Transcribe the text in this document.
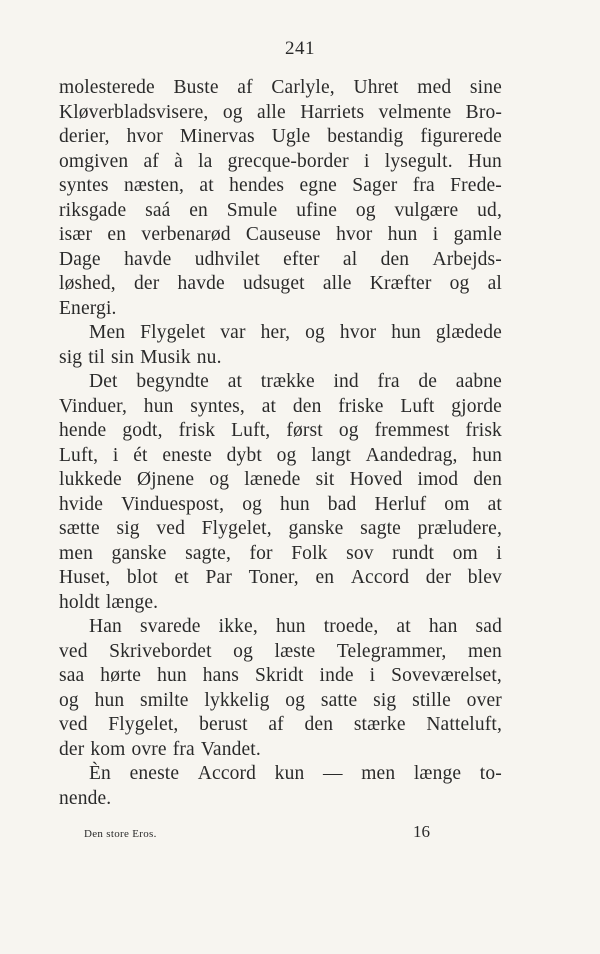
241
molesterede Buste af Carlyle, Uhret med sine
Kløverbladsvisere, og alle Harriets velmente Bro-
derier, hvor Minervas Ugle bestandig figurerede
omgiven af à la grecque-border i lysegult. Hun
syntes næsten, at hendes egne Sager fra Frede-
riksgade saá en Smule ufine og vulgære ud,
især en verbenarød Causeuse hvor hun i gamle
Dage havde udhvilet efter al den Arbejds-
løshed, der havde udsuget alle Kræfter og al
Energi.
Men Flygelet var her, og hvor hun glædede
sig til sin Musik nu.
Det begyndte at trække ind fra de aabne
Vinduer, hun syntes, at den friske Luft gjorde
hende godt, frisk Luft, først og fremmest frisk
Luft, i ét eneste dybt og langt Aandedrag, hun
lukkede Øjnene og lænede sit Hoved imod den
hvide Vinduespost, og hun bad Herluf om at
sætte sig ved Flygelet, ganske sagte præludere,
men ganske sagte, for Folk sov rundt om i
Huset, blot et Par Toner, en Accord der blev
holdt længe.
Han svarede ikke, hun troede, at han sad
ved Skrivebordet og læste Telegrammer, men
saa hørte hun hans Skridt inde i Soveværelset,
og hun smilte lykkelig og satte sig stille over
ved Flygelet, berust af den stærke Natteluft,
der kom ovre fra Vandet.
Èn eneste Accord kun — men længe to-
nende.
Den store Eros.	16
